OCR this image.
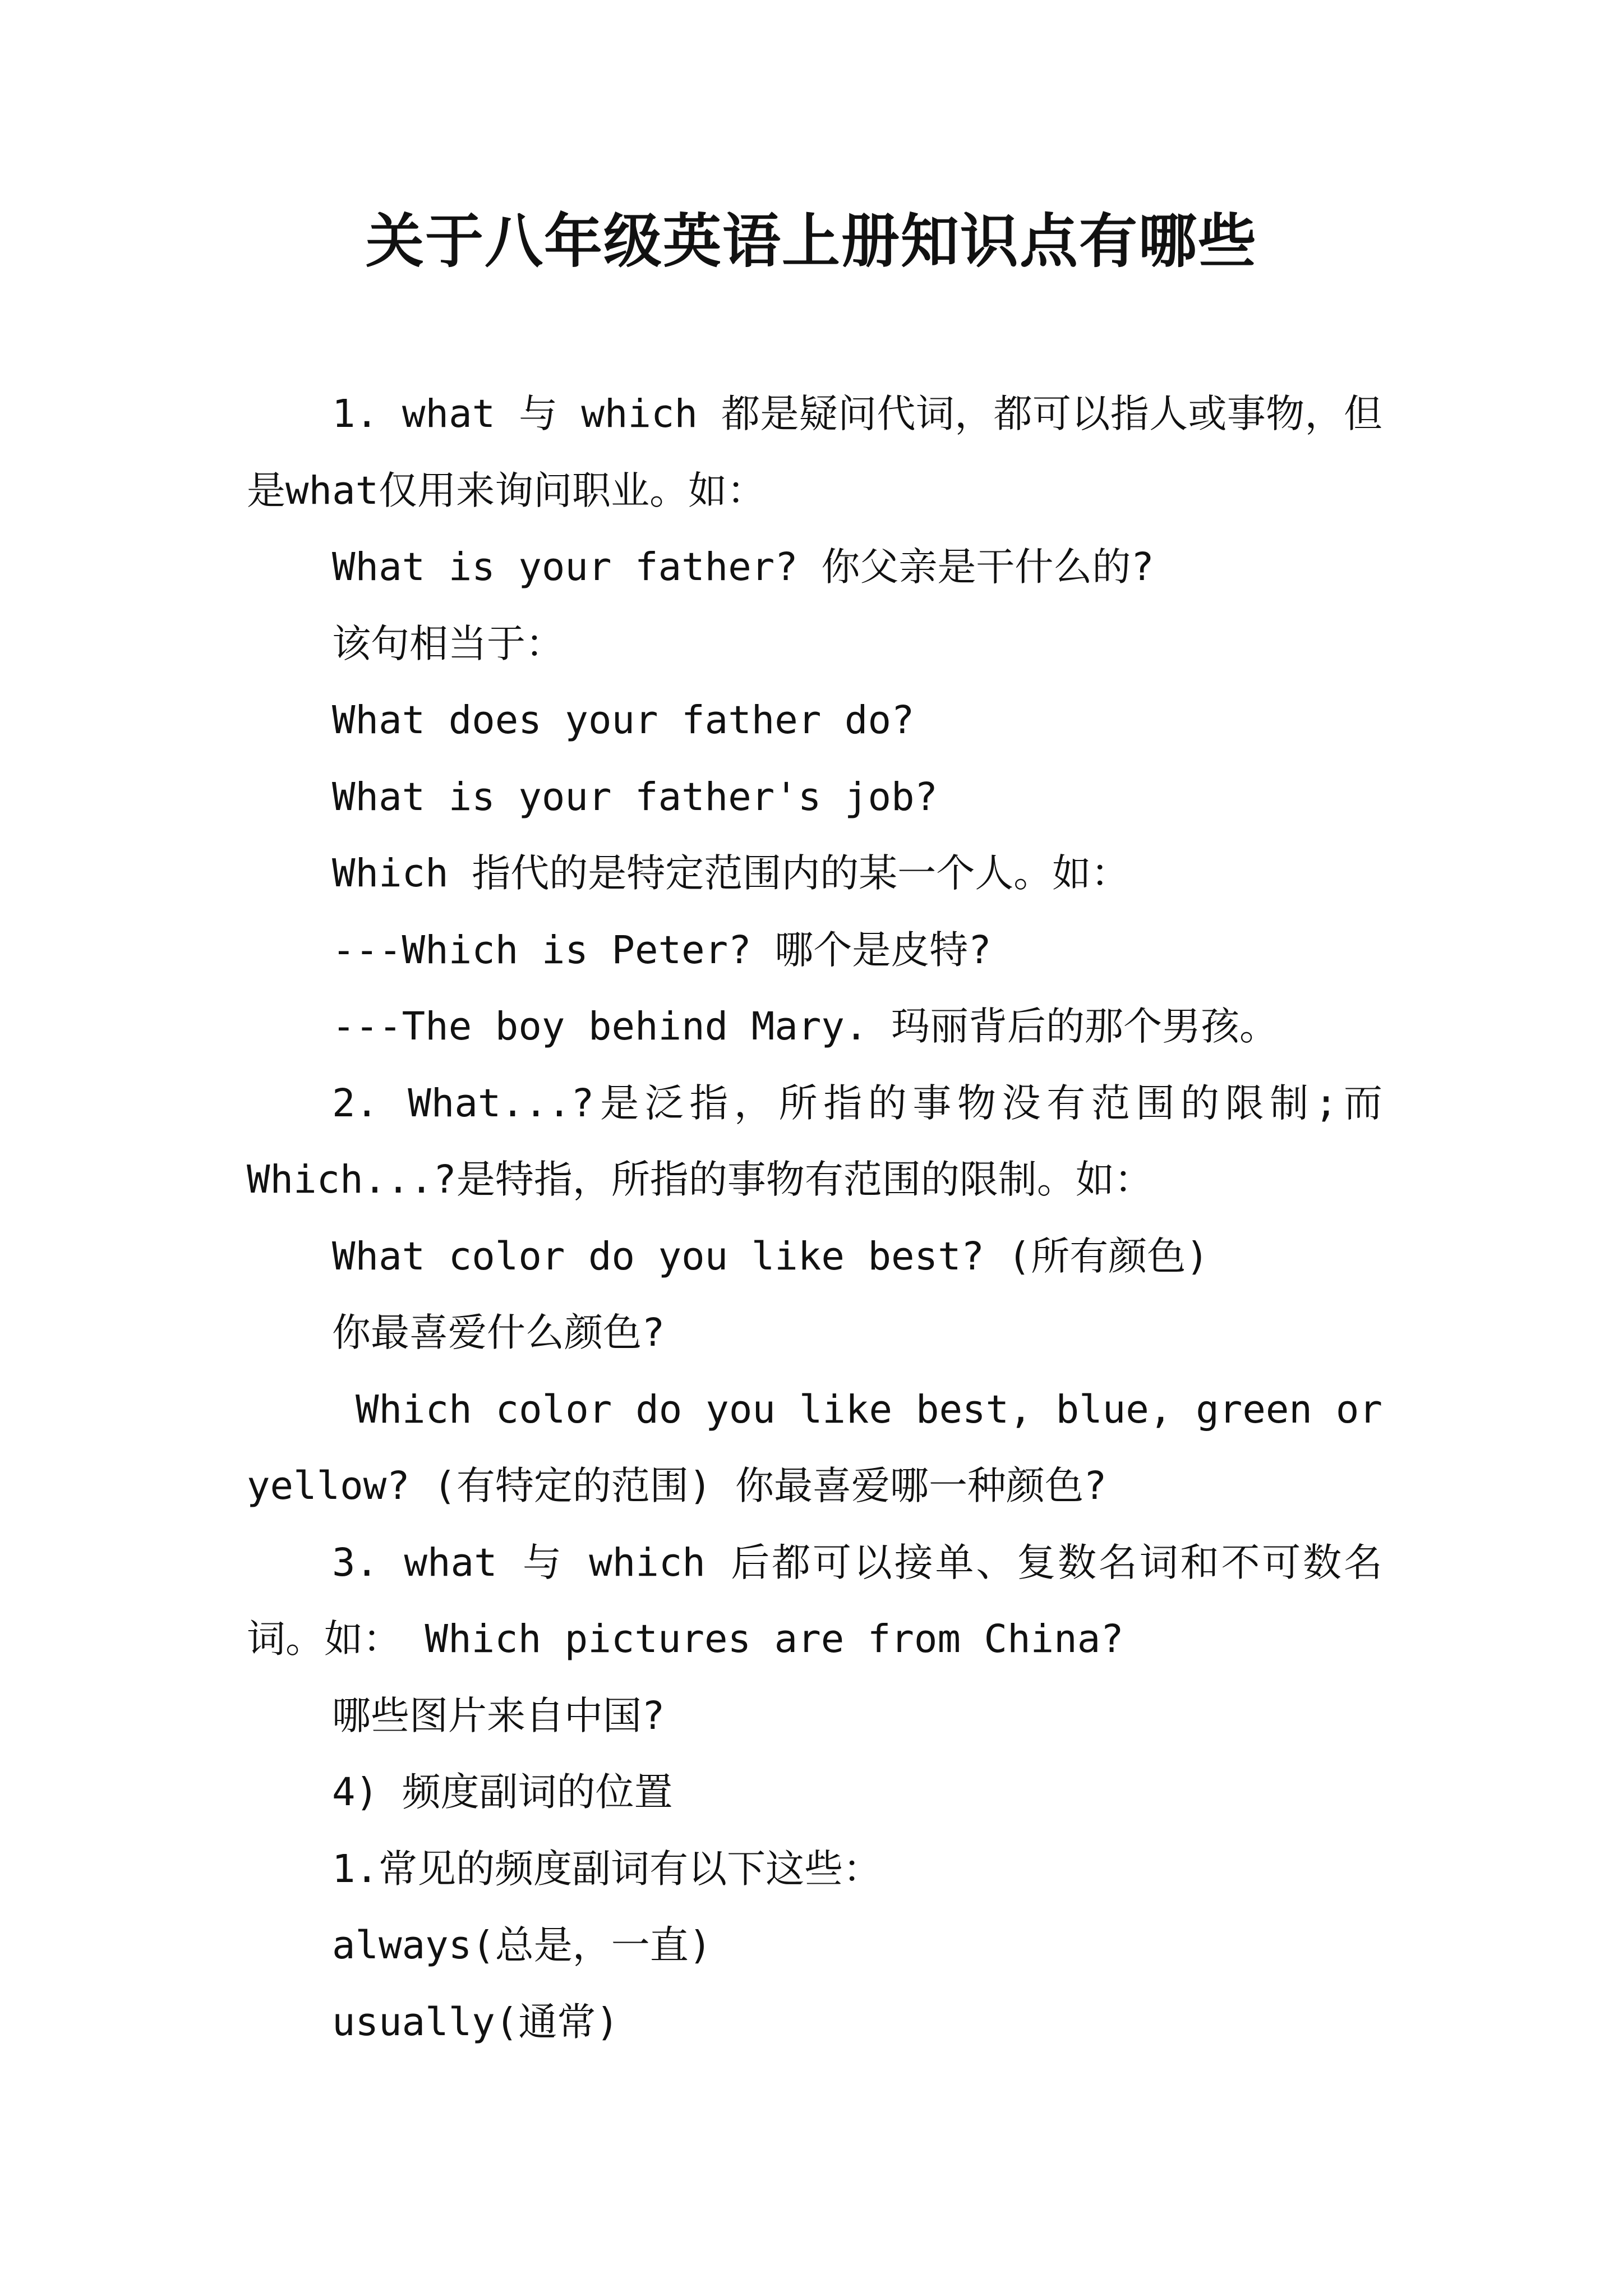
关于八年级英语上册知识点有哪些

1. what 与 which 都是疑问代词，都可以指人或事物，但是what仅用来询问职业。如：

What is your father? 你父亲是干什么的?

该句相当于：

What does your father do?

What is your father's job?

Which 指代的是特定范围内的某一个人。如：

---Which is Peter? 哪个是皮特?

---The boy behind Mary. 玛丽背后的那个男孩。

2. What...?是泛指，所指的事物没有范围的限制;而Which...?是特指，所指的事物有范围的限制。如：

What color do you like best? (所有颜色)

你最喜爱什么颜色?

Which color do you like best, blue, green or yellow? (有特定的范围) 你最喜爱哪一种颜色?

3. what 与 which 后都可以接单、复数名词和不可数名词。如： Which pictures are from China?

哪些图片来自中国?

4) 频度副词的位置

1.常见的频度副词有以下这些：

always(总是，一直)

usually(通常)
